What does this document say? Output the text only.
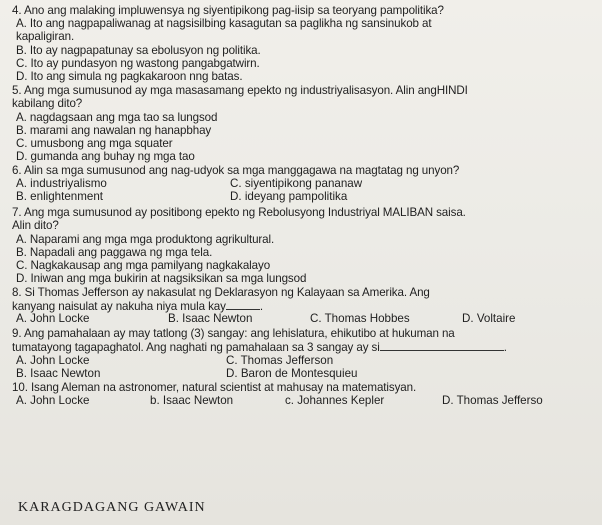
4. Ano ang malaking impluwensya ng siyentipikong pag-iisip sa teoryang pampolitika?
A. Ito ang nagpapaliwanag at nagsisilbing kasagutan sa paglikha ng sansinukob at
kapaligiran.
B. Ito ay nagpapatunay sa ebolusyon ng politika.
C. Ito ay pundasyon ng wastong pangabgatwirn.
D. Ito ang simula ng pagkakaroon nng batas.
5. Ang mga sumusunod ay mga masasamang epekto ng industriyalisasyon. Alin angHINDI
kabilang dito?
A. nagdagsaan ang mga tao sa lungsod
B. marami ang nawalan ng hanapbhay
C. umusbong ang mga squater
D. gumanda ang buhay ng mga tao
6. Alin sa mga sumusunod ang nag-udyok sa mga manggagawa na magtatag ng unyon?
A. industriyalismo	C. siyentipikong pananaw
B. enlightenment	D. ideyang pampolitika
7. Ang mga sumusunod ay positibong epekto ng Rebolusyong Industriyal MALIBAN saisa.
Alin dito?
A. Naparami ang mga mga produktong agrikultural.
B. Napadali ang paggawa ng mga tela.
C. Nagkakausap ang mga pamilyang nagkakalayo
D. Iniwan ang mga bukirin at nagsiksikan sa mga lungsod
8. Si Thomas Jefferson ay nakasulat ng Deklarasyon ng Kalayaan sa Amerika. Ang
kanyang naisulat ay nakuha niya mula kay	.
A. John Locke	B. Isaac Newton	C. Thomas Hobbes	D. Voltaire
9. Ang pamahalaan ay may tatlong (3) sangay: ang lehislatura, ehikutibo at hukuman na
tumatayong tagapaghatol. Ang naghati ng pamahalaan sa 3 sangay ay si	.
A. John Locke	C. Thomas Jefferson
B. Isaac Newton	D. Baron de Montesquieu
10. Isang Aleman na astronomer, natural scientist at mahusay na matematisyan.
A. John Locke	b. Isaac Newton	c. Johannes Kepler	D. Thomas Jefferso
KARAGDAGANG GAWAIN
